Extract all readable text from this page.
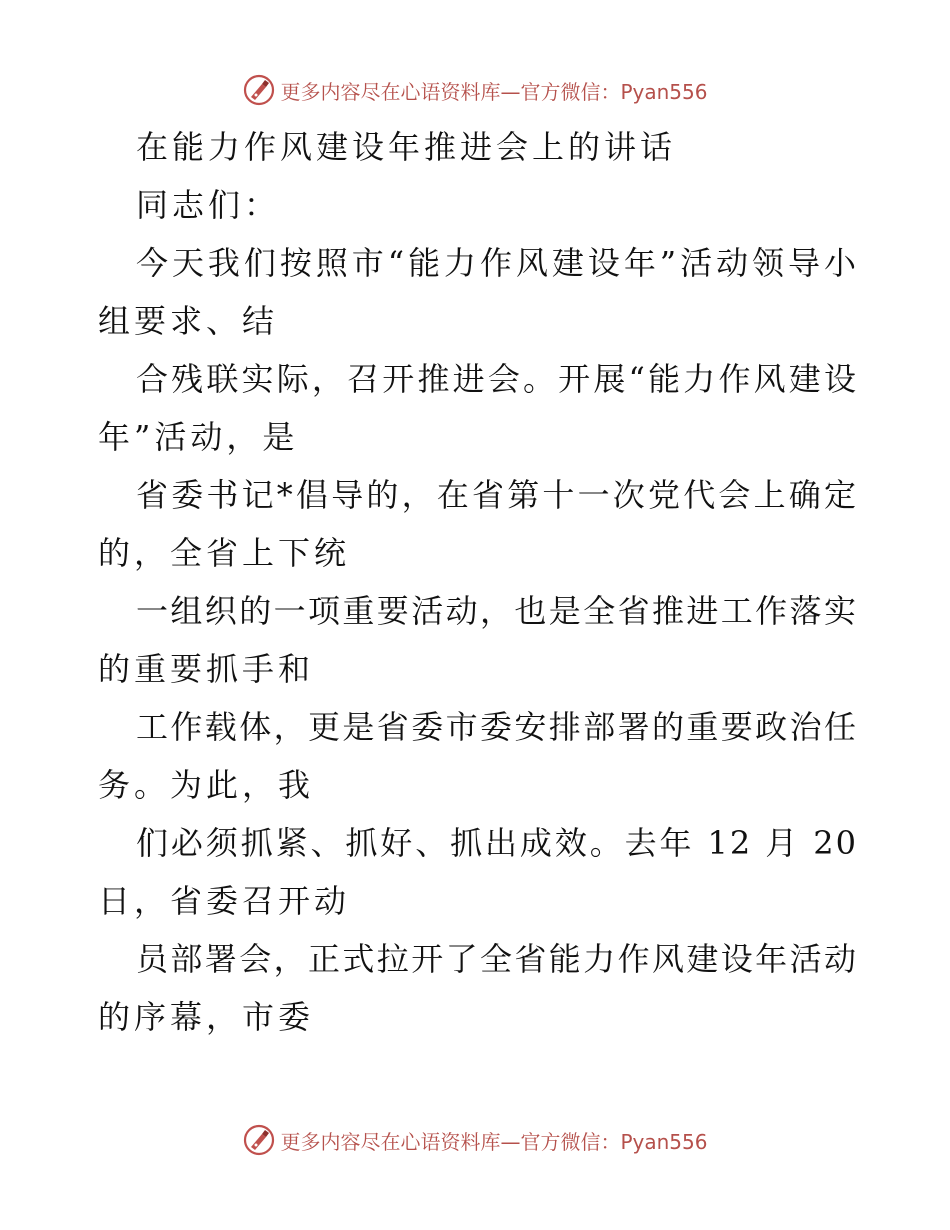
更多内容尽在心语资料库—官方微信：Pyan556
在能力作风建设年推进会上的讲话
同志们：
今天我们按照市“能力作风建设年”活动领导小
组要求、结
合残联实际，召开推进会。开展“能力作风建设
年”活动，是
省委书记*倡导的，在省第十一次党代会上确定
的，全省上下统
一组织的一项重要活动，也是全省推进工作落实
的重要抓手和
工作载体，更是省委市委安排部署的重要政治任
务。为此，我
们必须抓紧、抓好、抓出成效。去年 12 月 20
日，省委召开动
员部署会，正式拉开了全省能力作风建设年活动
的序幕，市委
更多内容尽在心语资料库—官方微信：Pyan556
